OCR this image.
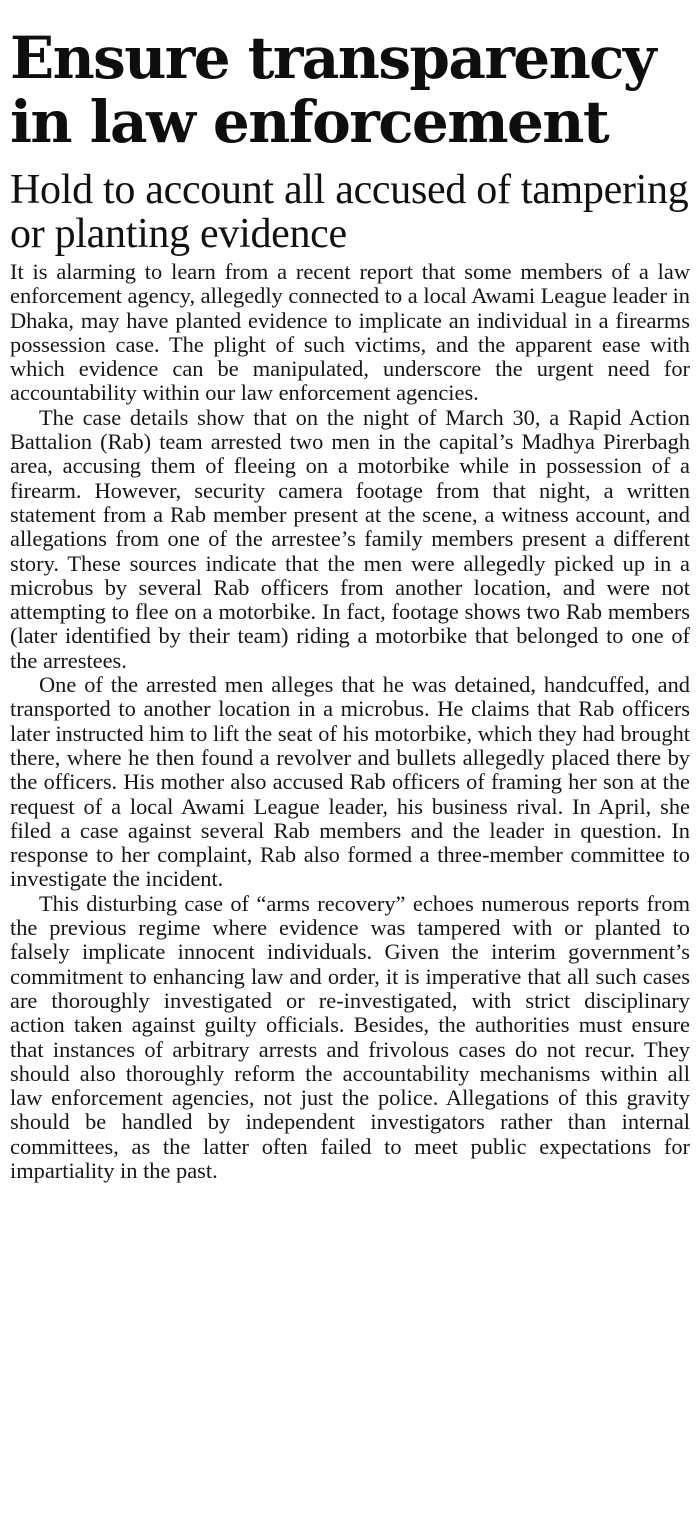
Ensure transparency in law enforcement
Hold to account all accused of tampering or planting evidence

It is alarming to learn from a recent report that some members of a law enforcement agency, allegedly connected to a local Awami League leader in Dhaka, may have planted evidence to implicate an individual in a firearms possession case. The plight of such victims, and the apparent ease with which evidence can be manipulated, underscore the urgent need for accountability within our law enforcement agencies.

The case details show that on the night of March 30, a Rapid Action Battalion (Rab) team arrested two men in the capital’s Madhya Pirerbagh area, accusing them of fleeing on a motorbike while in possession of a firearm. However, security camera footage from that night, a written statement from a Rab member present at the scene, a witness account, and allegations from one of the arrestee’s family members present a different story. These sources indicate that the men were allegedly picked up in a microbus by several Rab officers from another location, and were not attempting to flee on a motorbike. In fact, footage shows two Rab members (later identified by their team) riding a motorbike that belonged to one of the arrestees.

One of the arrested men alleges that he was detained, handcuffed, and transported to another location in a microbus. He claims that Rab officers later instructed him to lift the seat of his motorbike, which they had brought there, where he then found a revolver and bullets allegedly placed there by the officers. His mother also accused Rab officers of framing her son at the request of a local Awami League leader, his business rival. In April, she filed a case against several Rab members and the leader in question. In response to her complaint, Rab also formed a three-member committee to investigate the incident.

This disturbing case of “arms recovery” echoes numerous reports from the previous regime where evidence was tampered with or planted to falsely implicate innocent individuals. Given the interim government’s commitment to enhancing law and order, it is imperative that all such cases are thoroughly investigated or re-investigated, with strict disciplinary action taken against guilty officials. Besides, the authorities must ensure that instances of arbitrary arrests and frivolous cases do not recur. They should also thoroughly reform the accountability mechanisms within all law enforcement agencies, not just the police. Allegations of this gravity should be handled by independent investigators rather than internal committees, as the latter often failed to meet public expectations for impartiality in the past.
